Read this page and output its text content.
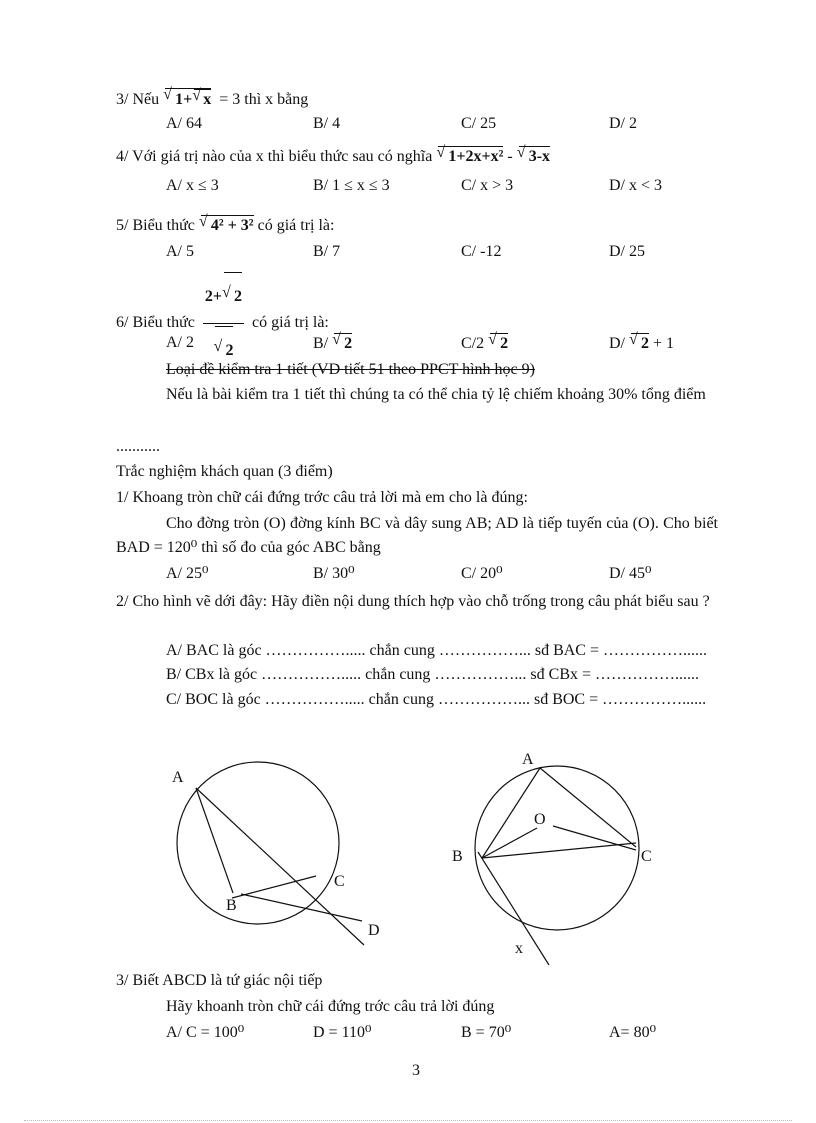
3/ Nếu √ 1+ √ x = 3 thì x bằng
A/ 64	B/ 4	C/ 25	D/ 2
4/ Với giá trị nào của x thì biểu thức sau có nghĩa √ 1+2x+x² - √ 3-x
A/ x ≤ 3	B/ 1 ≤ x ≤ 3	C/ x > 3	D/ x < 3
5/ Biểu thức √ 4² + 3² có giá trị là:
A/ 5	B/ 7	C/ -12	D/ 25
6/ Biểu thức 2+ √ 2
√ 2 có giá trị là:
A/ 2	B/ √ 2	C/2 √ 2	D/ √ 2 + 1
Loại đề kiểm tra 1 tiết (VD tiết 51 theo PPCT hình học 9)
Nếu là bài kiểm tra 1 tiết thì chúng ta có thể chia tỷ lệ chiếm khoảng 30% tổng điểm
...........
Trắc nghiệm khách quan (3 điểm)
1/ Khoang tròn chữ cái đứng trớc câu trả lời mà em cho là đúng:
Cho đờng tròn (O) đờng kính BC và dây sung AB; AD là tiếp tuyến của (O). Cho biết BAD = 120⁰ thì số đo của góc ABC bằng
A/ 25⁰	B/ 30⁰	C/ 20⁰	D/ 45⁰
2/ Cho hình vẽ dới đây: Hãy điền nội dung thích hợp vào chỗ trống trong câu phát biểu sau ?
A/ BAC là góc ……………..... chắn cung ……………... sđ BAC = ……………......
B/ CBx là góc ……………..... chắn cung ……………... sđ CBx = ……………......
C/ BOC là góc ……………..... chắn cung ……………... sđ BOC = ……………......
A
B
C
D
A
O
B	C
x
3/ Biết ABCD là tứ giác nội tiếp
Hãy khoanh tròn chữ cái đứng trớc câu trả lời đúng
A/ C = 100⁰	D = 110⁰	B = 70⁰	A= 80⁰
3
